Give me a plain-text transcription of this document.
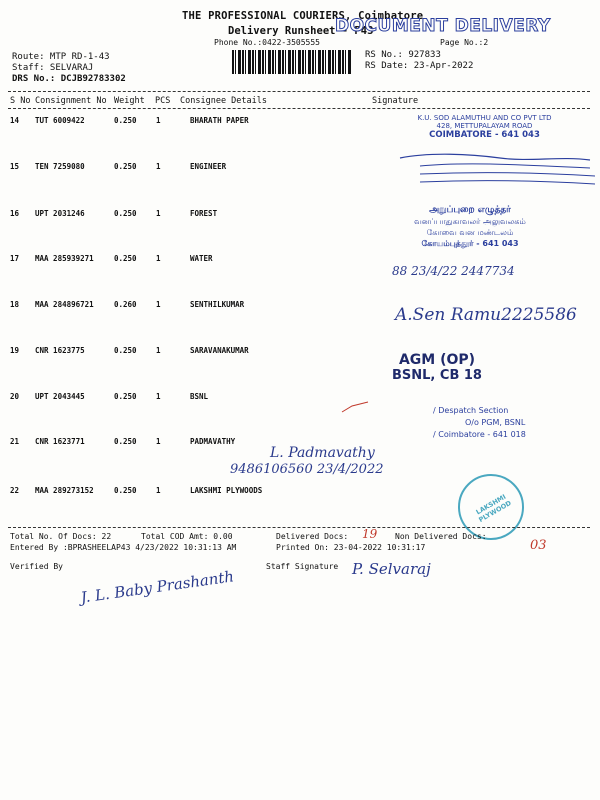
THE PROFESSIONAL COURIERS, Coimbatore
Delivery Runsheet - P43
DOCUMENT DELIVERY
Phone No.:0422-3505555	Page No.:2
Route: MTP RD-1-43
Staff: SELVARAJ
DRS No.: DCJB92783302
RS No.: 927833
RS Date: 23-Apr-2022
S No Consignment No Weight PCS Consignee Details	Signature
14 TUT 6009422	0.250	1	BHARATH PAPER
15 TEN 7259080	0.250	1	ENGINEER
16 UPT 2031246	0.250	1	FOREST
17 MAA 285939271	0.250	1	WATER
18 MAA 284896721	0.260	1	SENTHILKUMAR
19 CNR 1623775	0.250	1	SARAVANAKUMAR
20 UPT 2043445	0.250	1	BSNL
21 CNR 1623771	0.250	1	PADMAVATHY
22 MAA 289273152	0.250	1	LAKSHMI PLYWOODS
K.U. SOD ALAMUTHU AND CO PVT LTD
428, METTUPALAYAM ROAD
COIMBATORE - 641 043
அறுப்புறை எழுத்தர்
வனப்பாதுகாவலர் அலுவலகம்
கோவை வன மண்டலம்
கோயம்புத்தூர் - 641 043
88 23/4/22 2447734
A.Sen Ramu2225586
AGM (OP)
BSNL, CB 18
/ Despatch Section
O/o PGM, BSNL
/ Coimbatore - 641 018
L. Padmavathy
9486106560 23/4/2022
LAKSHMI PLYWOOD
Total No. Of Docs: 22	Total COD Amt: 0.00	Delivered Docs: 19 Non Delivered Docs:
03
Entered By :BPRASHEELAP43 4/23/2022 10:31:13 AM	Printed On: 23-04-2022 10:31:17
Verified By	Staff Signature
J. L. Baby Prashanth	P. Selvaraj
